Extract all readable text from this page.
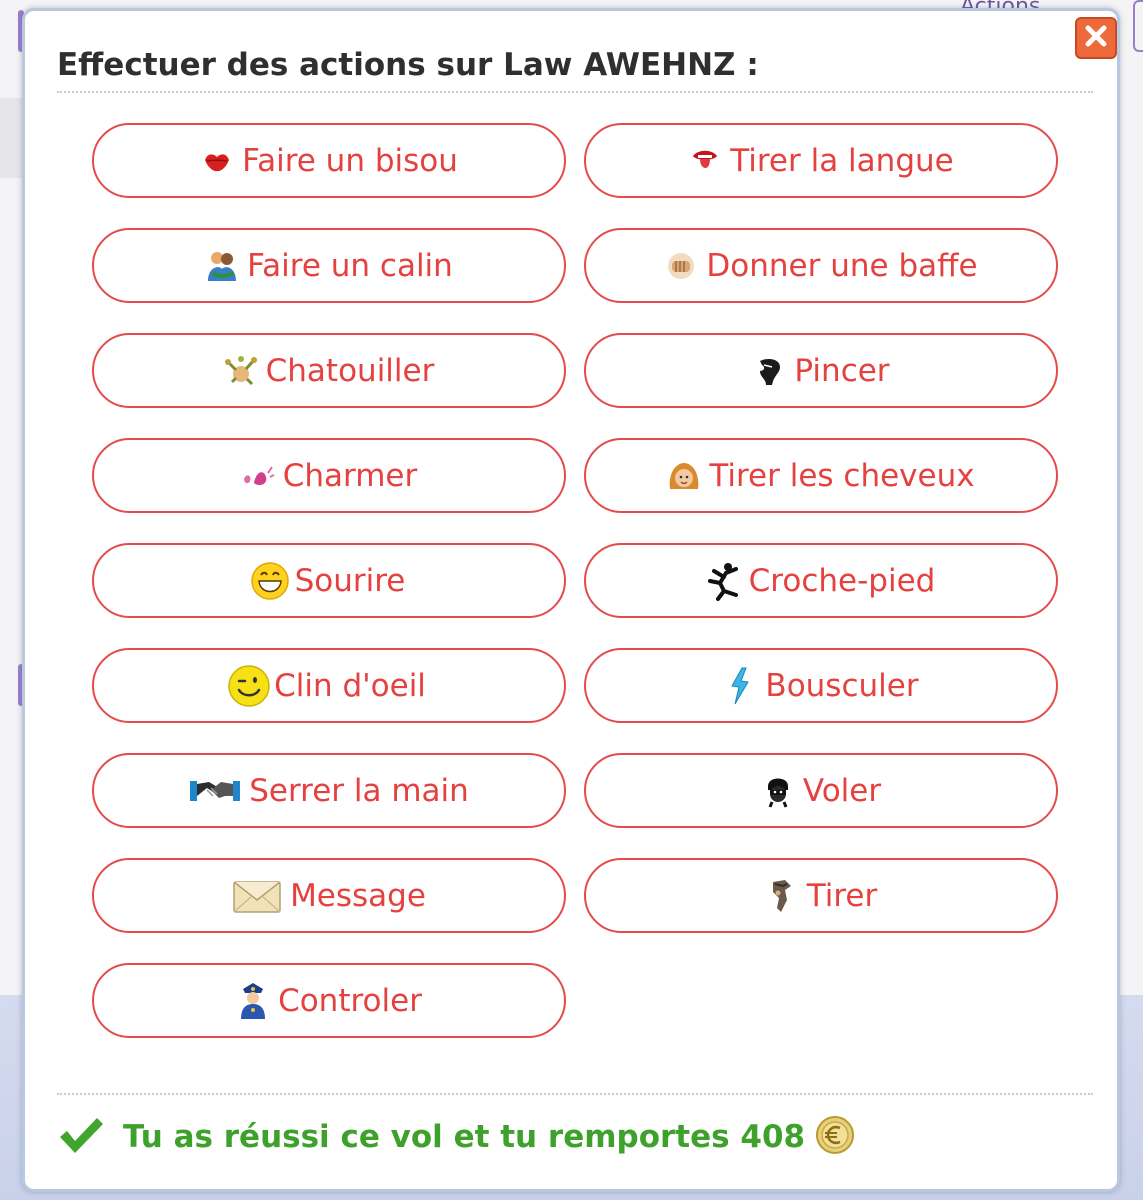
Effectuer des actions sur Law AWEHNZ :
Faire un bisou	Tirer la langue
Faire un calin	Donner une baffe
Chatouiller	Pincer
Charmer	Tirer les cheveux
Sourire	Croche-pied
Clin d'oeil	Bousculer
Serrer la main	Voler
Message	Tirer
Controler
Tu as réussi ce vol et tu remportes 408
